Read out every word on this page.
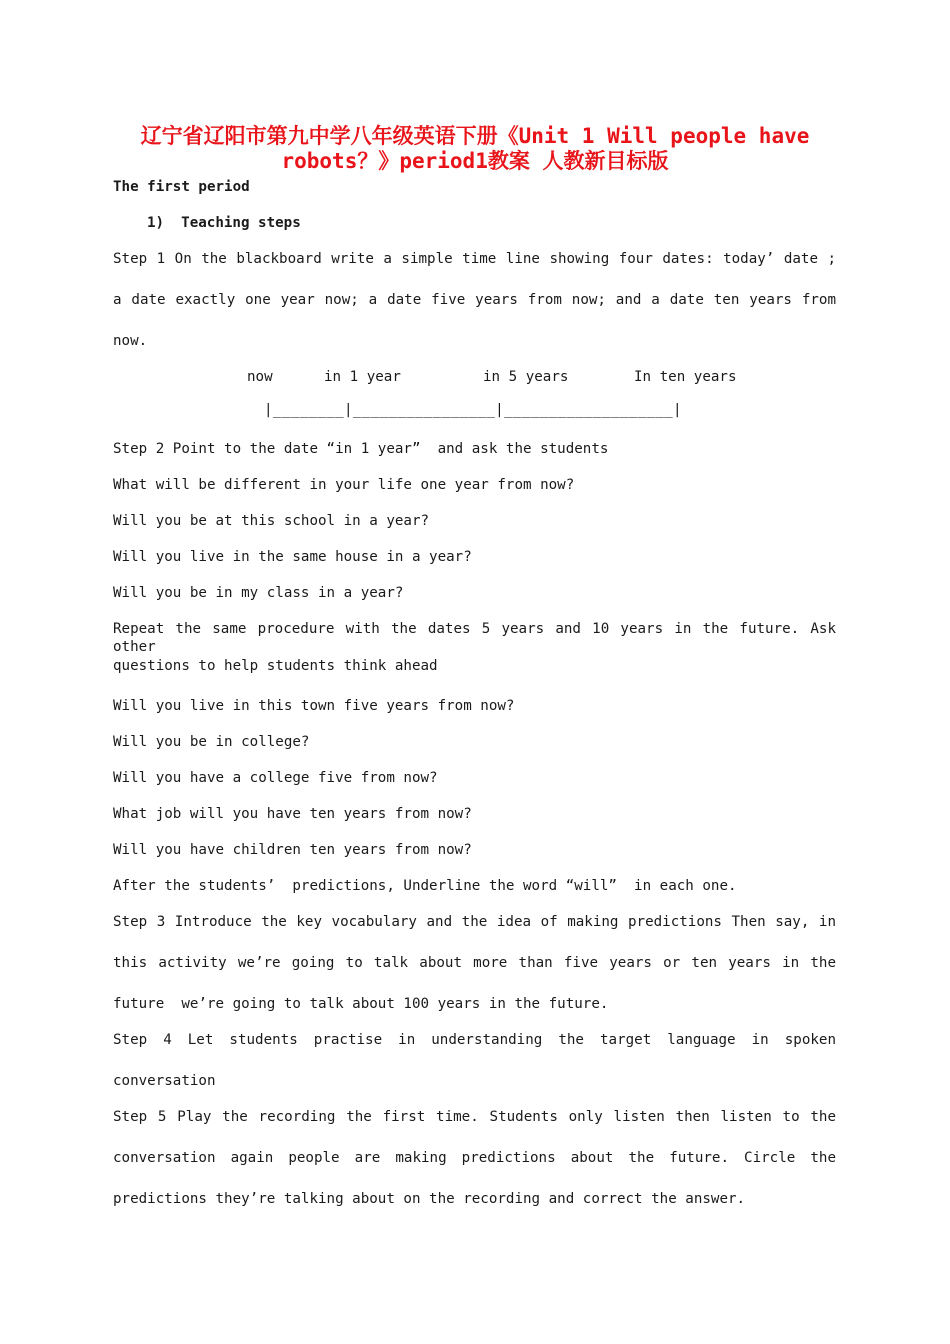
辽宁省辽阳市第九中学八年级英语下册《Unit 1 Will people have
robots？》period1教案 人教新目标版
The first period
1)  Teaching steps
Step 1 On the blackboard write a simple time line showing four dates: today’ date ;
a date exactly one year now; a date five years from now; and a date ten years from
now.
now	in 1 year	in 5 years	In ten years
|________|________________|___________________|
Step 2 Point to the date “in 1 year”  and ask the students
What will be different in your life one year from now?
Will you be at this school in a year?
Will you live in the same house in a year?
Will you be in my class in a year?
Repeat the same procedure with the dates 5 years and 10 years in the future. Ask other
questions to help students think ahead
Will you live in this town five years from now?
Will you be in college?
Will you have a college five from now?
What job will you have ten years from now?
Will you have children ten years from now?
After the students’  predictions, Underline the word “will”  in each one.
Step 3 Introduce the key vocabulary and the idea of making predictions Then say, in
this activity we’re going to talk about more than five years or ten years in the
future  we’re going to talk about 100 years in the future.
Step 4 Let students practise in understanding the target language in spoken
conversation
Step 5 Play the recording the first time. Students only listen then listen to the
conversation again people are making predictions about the future. Circle the
predictions they’re talking about on the recording and correct the answer.
